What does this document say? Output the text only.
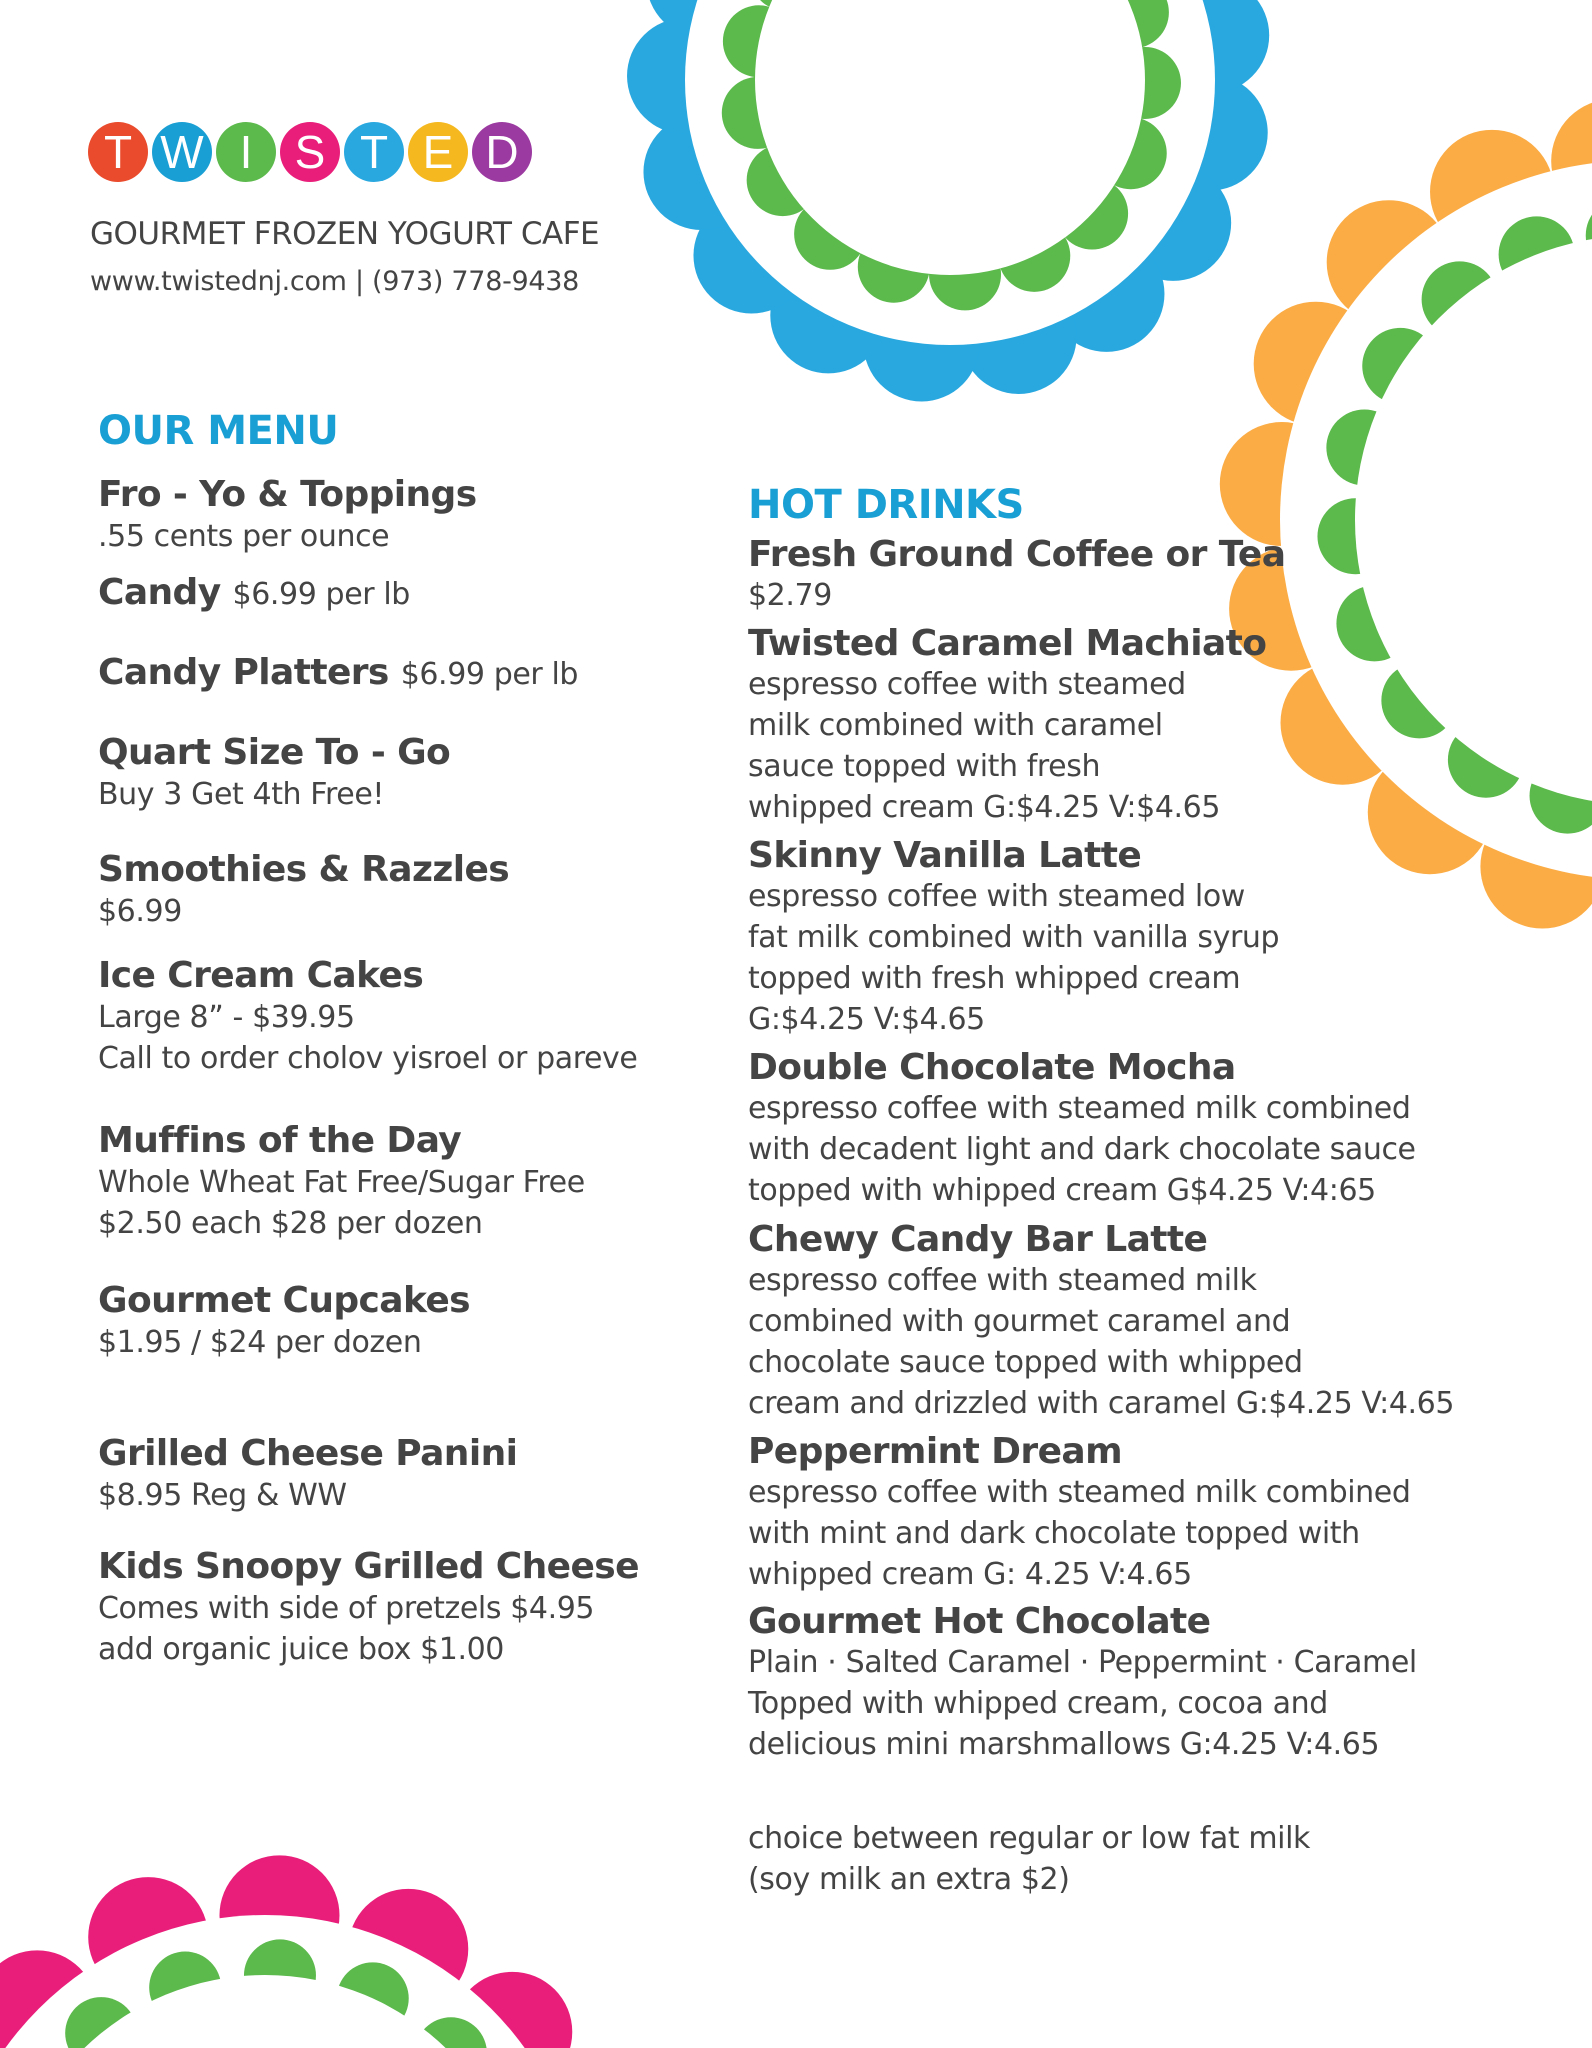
T W I S T E D
GOURMET FROZEN YOGURT CAFE
www.twistednj.com | (973) 778-9438
OUR MENU
Fro - Yo & Toppings
.55 cents per ounce
Candy $6.99 per lb
Candy Platters $6.99 per lb
Quart Size To - Go
Buy 3 Get 4th Free!
Smoothies & Razzles
$6.99
Ice Cream Cakes
Large 8” - $39.95
Call to order cholov yisroel or pareve
Muffins of the Day
Whole Wheat Fat Free/Sugar Free
$2.50 each $28 per dozen
Gourmet Cupcakes
$1.95 / $24 per dozen
Grilled Cheese Panini
$8.95 Reg & WW
Kids Snoopy Grilled Cheese
Comes with side of pretzels $4.95
add organic juice box $1.00
HOT DRINKS
Fresh Ground Coffee or Tea
$2.79
Twisted Caramel Machiato
espresso coffee with steamed
milk combined with caramel
sauce topped with fresh
whipped cream G:$4.25 V:$4.65
Skinny Vanilla Latte
espresso coffee with steamed low
fat milk combined with vanilla syrup
topped with fresh whipped cream
G:$4.25 V:$4.65
Double Chocolate Mocha
espresso coffee with steamed milk combined
with decadent light and dark chocolate sauce
topped with whipped cream G$4.25 V:4:65
Chewy Candy Bar Latte
espresso coffee with steamed milk
combined with gourmet caramel and
chocolate sauce topped with whipped
cream and drizzled with caramel G:$4.25 V:4.65
Peppermint Dream
espresso coffee with steamed milk combined
with mint and dark chocolate topped with
whipped cream G: 4.25 V:4.65
Gourmet Hot Chocolate
Plain · Salted Caramel · Peppermint · Caramel
Topped with whipped cream, cocoa and
delicious mini marshmallows G:4.25 V:4.65
choice between regular or low fat milk
(soy milk an extra $2)
